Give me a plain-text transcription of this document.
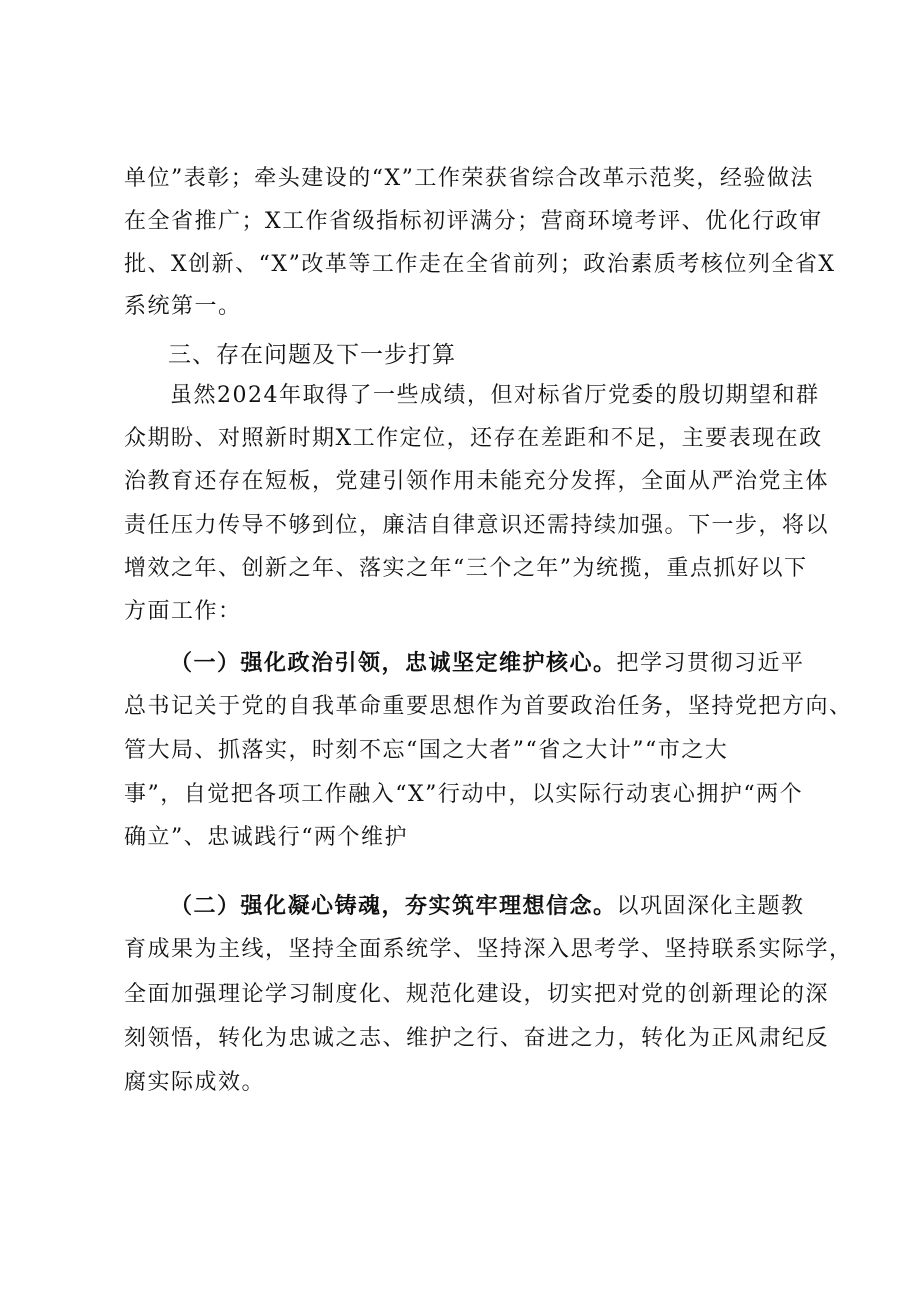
单位”表彰；牵头建设的“X”工作荣获省综合改革示范奖，经验做法
在全省推广；X工作省级指标初评满分；营商环境考评、优化行政审
批、X创新、“X”改革等工作走在全省前列；政治素质考核位列全省X
系统第一。
三、存在问题及下一步打算
虽然2024年取得了一些成绩，但对标省厅党委的殷切期望和群
众期盼、对照新时期X工作定位，还存在差距和不足，主要表现在政
治教育还存在短板，党建引领作用未能充分发挥，全面从严治党主体
责任压力传导不够到位，廉洁自律意识还需持续加强。下一步，将以
增效之年、创新之年、落实之年“三个之年”为统揽，重点抓好以下
方面工作：
（一）强化政治引领，忠诚坚定维护核心。把学习贯彻习近平
总书记关于党的自我革命重要思想作为首要政治任务，坚持党把方向、
管大局、抓落实，时刻不忘“国之大者”“省之大计”“市之大
事”，自觉把各项工作融入“X”行动中，以实际行动衷心拥护“两个
确立”、忠诚践行“两个维护
（二）强化凝心铸魂，夯实筑牢理想信念。以巩固深化主题教
育成果为主线，坚持全面系统学、坚持深入思考学、坚持联系实际学，
全面加强理论学习制度化、规范化建设，切实把对党的创新理论的深
刻领悟，转化为忠诚之志、维护之行、奋进之力，转化为正风肃纪反
腐实际成效。
